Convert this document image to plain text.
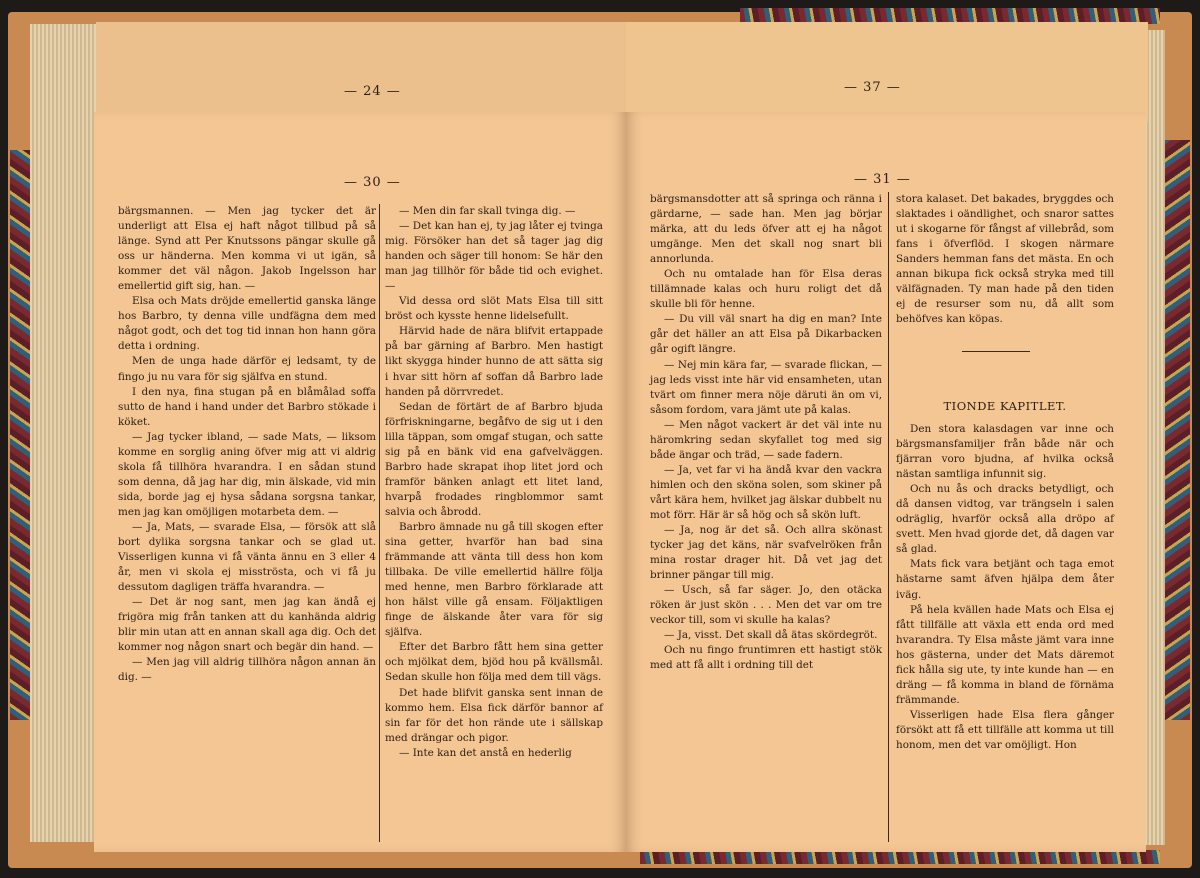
— 24 —	— 37 —
— 30 —

bärgsmannen. — Men jag tycker det är underligt att Elsa ej haft något tillbud på så länge. Synd att Per Knutssons pängar skulle gå oss ur händerna. Men komma vi ut igän, så kommer det väl någon. Jakob Ingelsson har emellertid gift sig, han. —

Elsa och Mats dröjde emellertid ganska länge hos Barbro, ty denna ville undfägna dem med något godt, och det tog tid innan hon hann göra detta i ordning.

Men de unga hade därför ej ledsamt, ty de fingo ju nu vara för sig själfva en stund.

I den nya, fina stugan på en blåmålad soffa sutto de hand i hand under det Barbro stökade i köket.

— Jag tycker ibland, — sade Mats, — liksom komme en sorglig aning öfver mig att vi aldrig skola få tillhöra hvarandra. I en sådan stund som denna, då jag har dig, min älskade, vid min sida, borde jag ej hysa sådana sorgsna tankar, men jag kan omöjligen motarbeta dem. —

— Ja, Mats, — svarade Elsa, — försök att slå bort dylika sorgsna tankar och se glad ut. Visserligen kunna vi få vänta ännu en 3 eller 4 år, men vi skola ej misströsta, och vi få ju dessutom dagligen träffa hvarandra. —

— Det är nog sant, men jag kan ändå ej frigöra mig från tanken att du kanhända aldrig blir min utan att en annan skall aga dig. Och det kommer nog någon snart och begär din hand. —

— Men jag vill aldrig tillhöra någon annan än dig. —

— Men din far skall tvinga dig. —

— Det kan han ej, ty jag låter ej tvinga mig. Försöker han det så tager jag dig handen och säger till honom: Se här den man jag tillhör för både tid och evighet. —

Vid dessa ord slöt Mats Elsa till sitt bröst och kysste henne lidelsefullt.

Härvid hade de nära blifvit ertappade på bar gärning af Barbro. Men hastigt likt skygga hinder hunno de att sätta sig i hvar sitt hörn af soffan då Barbro lade handen på dörrvredet.

Sedan de förtärt de af Barbro bjuda förfriskningarne, begåfvo de sig ut i den lilla täppan, som omgaf stugan, och satte sig på en bänk vid ena gafvelväggen. Barbro hade skrapat ihop litet jord och framför bänken anlagt ett litet land, hvarpå frodades ringblommor samt salvia och åbrodd.

Barbro ämnade nu gå till skogen efter sina getter, hvarför han bad sina främmande att vänta till dess hon kom tillbaka. De ville emellertid hällre följa med henne, men Barbro förklarade att hon hälst ville gå ensam. Följaktligen finge de älskande åter vara för sig själfva.

Efter det Barbro fått hem sina getter och mjölkat dem, bjöd hou på kvällsmål. Sedan skulle hon följa med dem till vägs.

Det hade blifvit ganska sent innan de kommo hem. Elsa fick därför bannor af sin far för det hon rände ute i sällskap med drängar och pigor.

— Inte kan det anstå en hederlig

— 31 —

bärgsmansdotter att så springa och ränna i gärdarne, — sade han. Men jag börjar märka, att du leds öfver att ej ha något umgänge. Men det skall nog snart bli annorlunda.

Och nu omtalade han för Elsa deras tillämnade kalas och huru roligt det då skulle bli för henne.

— Du vill väl snart ha dig en man? Inte går det häller an att Elsa på Dikarbacken går ogift längre.

— Nej min kära far, — svarade flickan, — jag leds visst inte här vid ensamheten, utan tvärt om finner mera nöje däruti än om vi, såsom fordom, vara jämt ute på kalas.

— Men något vackert är det väl inte nu häromkring sedan skyfallet tog med sig både ängar och träd, — sade fadern.

— Ja, vet far vi ha ändå kvar den vackra himlen och den sköna solen, som skiner på vårt kära hem, hvilket jag älskar dubbelt nu mot förr. Här är så hög och så skön luft.

— Ja, nog är det så. Och allra skönast tycker jag det käns, när svafvelröken från mina rostar drager hit. Då vet jag det brinner pängar till mig.

— Usch, så far säger. Jo, den otäcka röken är just skön . . . Men det var om tre veckor till, som vi skulle ha kalas?

— Ja, visst. Det skall då ätas skördegröt.

Och nu fingo fruntimren ett hastigt stök med att få allt i ordning till det

stora kalaset. Det bakades, bryggdes och slaktades i oändlighet, och snaror sattes ut i skogarne för fångst af villebråd, som fans i öfverflöd. I skogen närmare Sanders hemman fans det mästa. En och annan bikupa fick också stryka med till välfägnaden. Ty man hade på den tiden ej de resurser som nu, då allt som behöfves kan köpas.

TIONDE KAPITLET.

Den stora kalasdagen var inne och bärgsmansfamiljer från både när och fjärran voro bjudna, af hvilka också nästan samtliga infunnit sig.

Och nu ås och dracks betydligt, och då dansen vidtog, var trängseln i salen odräglig, hvarför också alla dröpo af svett. Men hvad gjorde det, då dagen var så glad.

Mats fick vara betjänt och taga emot hästarne samt äfven hjälpa dem åter iväg.

På hela kvällen hade Mats och Elsa ej fått tillfälle att växla ett enda ord med hvarandra. Ty Elsa måste jämt vara inne hos gästerna, under det Mats däremot fick hålla sig ute, ty inte kunde han — en dräng — få komma in bland de förnäma främmande.

Visserligen hade Elsa flera gånger försökt att få ett tillfälle att komma ut till honom, men det var omöjligt. Hon
